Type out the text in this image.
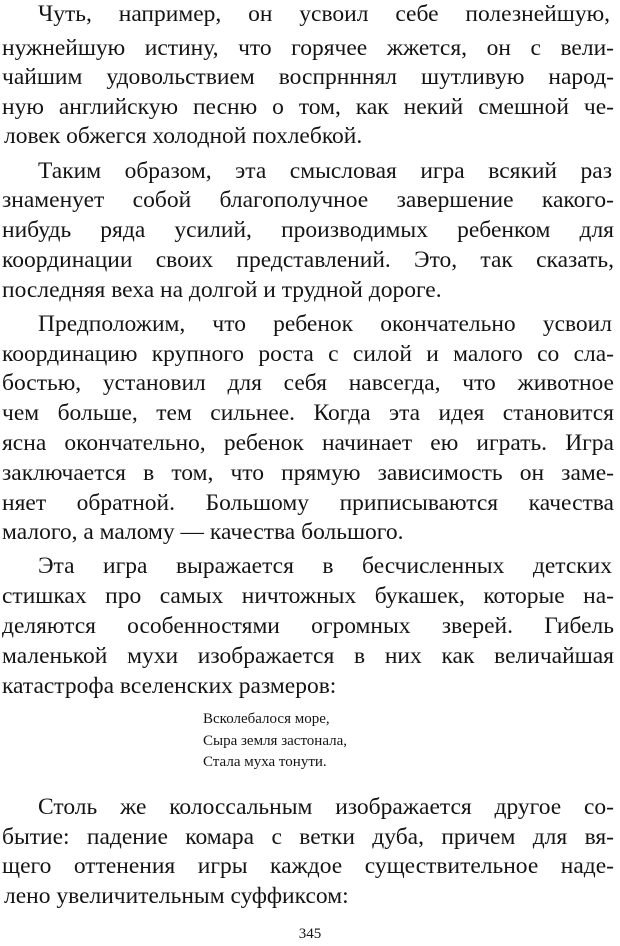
Чуть, например, он усвоил себе полезнейшую,
нужнейшую истину, что горячее жжется, он с вели-
чайшим удовольствием воспрнннял шутливую народ-
ную английскую песню о том, как некий смешной че-
ловек обжегся холодной похлебкой.
Таким образом, эта смысловая игра всякий раз
знаменует собой благополучное завершение какого-
нибудь ряда усилий, производимых ребенком для
координации своих представлений. Это, так сказать,
последняя веха на долгой и трудной дороге.
Предположим, что ребенок окончательно усвоил
координацию крупного роста с силой и малого со сла-
бостью, установил для себя навсегда, что животное
чем больше, тем сильнее. Когда эта идея становится
ясна окончательно, ребенок начинает ею играть. Игра
заключается в том, что прямую зависимость он заме-
няет обратной. Большому приписываются качества
малого, а малому — качества большого.
Эта игра выражается в бесчисленных детских
стишках про самых ничтожных букашек, которые на-
деляются особенностями огромных зверей. Гибель
маленькой мухи изображается в них как величайшая
катастрофа вселенских размеров:
Всколебалося море,
Сыра земля застонала,
Стала муха тонути.
Столь же колоссальным изображается другое со-
бытие: падение комара с ветки дуба, причем для вя-
щего оттенения игры каждое существительное наде-
лено увеличительным суффиксом:
345
